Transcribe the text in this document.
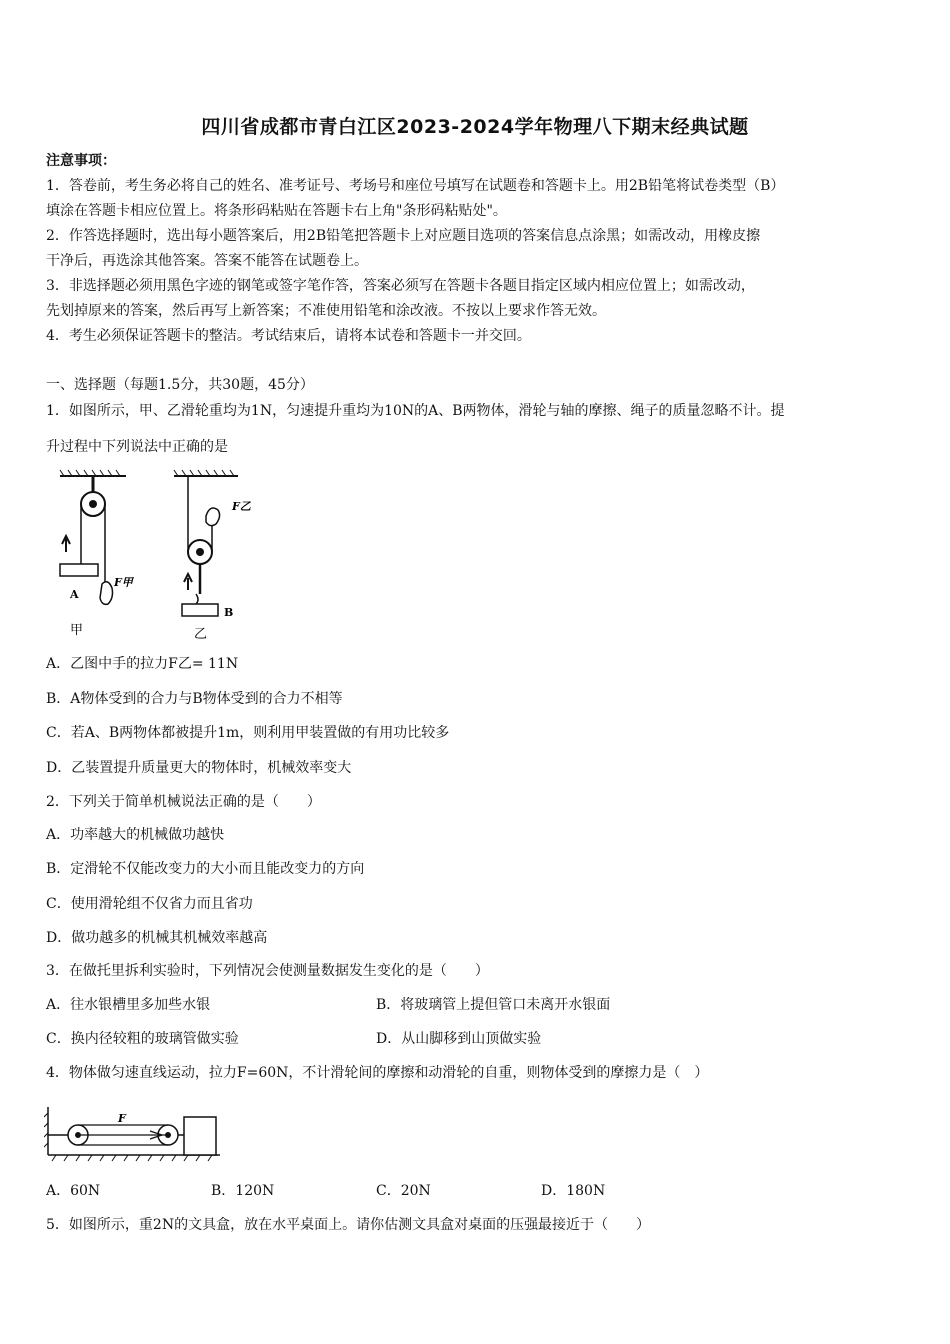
四川省成都市青白江区2023-2024学年物理八下期末经典试题
注意事项：
1．答卷前，考生务必将自己的姓名、准考证号、考场号和座位号填写在试题卷和答题卡上。用2B铅笔将试卷类型（B）
填涂在答题卡相应位置上。将条形码粘贴在答题卡右上角"条形码粘贴处"。
2．作答选择题时，选出每小题答案后，用2B铅笔把答题卡上对应题目选项的答案信息点涂黑；如需改动，用橡皮擦
干净后，再选涂其他答案。答案不能答在试题卷上。
3．非选择题必须用黑色字迹的钢笔或签字笔作答，答案必须写在答题卡各题目指定区域内相应位置上；如需改动，
先划掉原来的答案，然后再写上新答案；不准使用铅笔和涂改液。不按以上要求作答无效。
4．考生必须保证答题卡的整洁。考试结束后，请将本试卷和答题卡一并交回。
一、选择题（每题1.5分，共30题，45分）
1．如图所示，甲、乙滑轮重均为1N，匀速提升重均为10N的A、B两物体，滑轮与轴的摩擦、绳子的质量忽略不计。提
升过程中下列说法中正确的是
A
F甲
甲
F乙
B
乙
A．乙图中手的拉力F乙= 11N
B．A物体受到的合力与B物体受到的合力不相等
C．若A、B两物体都被提升1m，则利用甲装置做的有用功比较多
D．乙装置提升质量更大的物体时，机械效率变大
2．下列关于简单机械说法正确的是（　　）
A．功率越大的机械做功越快
B．定滑轮不仅能改变力的大小而且能改变力的方向
C．使用滑轮组不仅省力而且省功
D．做功越多的机械其机械效率越高
3．在做托里拆利实验时，下列情况会使测量数据发生变化的是（　　）
A．往水银槽里多加些水银	B．将玻璃管上提但管口未离开水银面
C．换内径较粗的玻璃管做实验	D．从山脚移到山顶做实验
4．物体做匀速直线运动，拉力F=60N，不计滑轮间的摩擦和动滑轮的自重，则物体受到的摩擦力是（　）
F
A．60N	B．120N	C．20N	D．180N
5．如图所示，重2N的文具盒，放在水平桌面上。请你估测文具盒对桌面的压强最接近于（　　）
